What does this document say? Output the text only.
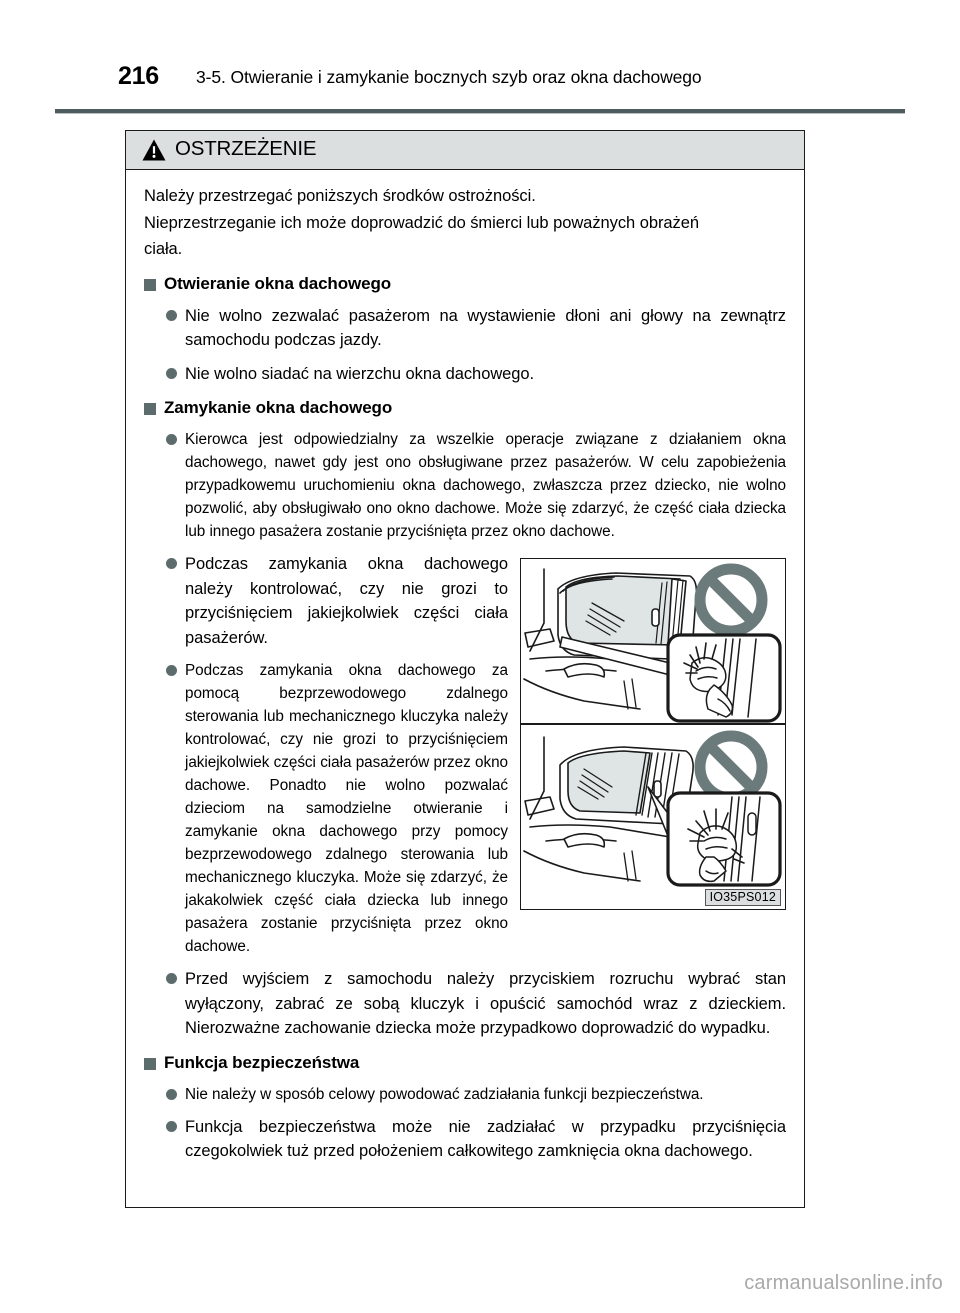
216 3-5. Otwieranie i zamykanie bocznych szyb oraz okna dachowego
OSTRZEŻENIE
Należy przestrzegać poniższych środków ostrożności.
Nieprzestrzeganie ich może doprowadzić do śmierci lub poważnych obrażeń
ciała.
Otwieranie okna dachowego
Nie wolno zezwalać pasażerom na wystawienie dłoni ani głowy na zewnątrz samochodu podczas jazdy.
Nie wolno siadać na wierzchu okna dachowego.
Zamykanie okna dachowego
Kierowca jest odpowiedzialny za wszelkie operacje związane z działaniem okna dachowego, nawet gdy jest ono obsługiwane przez pasażerów. W celu zapobieżenia przypadkowemu uruchomieniu okna dachowego, zwłaszcza przez dziecko, nie wolno pozwolić, aby obsługiwało ono okno dachowe. Może się zdarzyć, że część ciała dziecka lub innego pasażera zostanie przyciśnięta przez okno dachowe.
IO35PS012
Podczas zamykania okna dachowego należy kontrolować, czy nie grozi to przyciśnięciem jakiejkolwiek części ciała pasażerów.
Podczas zamykania okna dachowego za pomocą bezprzewodowego zdalnego sterowania lub mechanicznego kluczyka należy kontrolować, czy nie grozi to przyciśnięciem jakiejkolwiek części ciała pasażerów przez okno dachowe. Ponadto nie wolno pozwalać dzieciom na samodzielne otwieranie i zamykanie okna dachowego przy pomocy bezprzewodowego zdalnego sterowania lub mechanicznego kluczyka. Może się zdarzyć, że jakakolwiek część ciała dziecka lub innego pasażera zostanie przyciśnięta przez okno dachowe.
Przed wyjściem z samochodu należy przyciskiem rozruchu wybrać stan wyłączony, zabrać ze sobą kluczyk i opuścić samochód wraz z dzieckiem. Nierozważne zachowanie dziecka może przypadkowo doprowadzić do wypadku.
Funkcja bezpieczeństwa
Nie należy w sposób celowy powodować zadziałania funkcji bezpieczeństwa.
Funkcja bezpieczeństwa może nie zadziałać w przypadku przyciśnięcia czegokolwiek tuż przed położeniem całkowitego zamknięcia okna dachowego.
carmanualsonline.info
